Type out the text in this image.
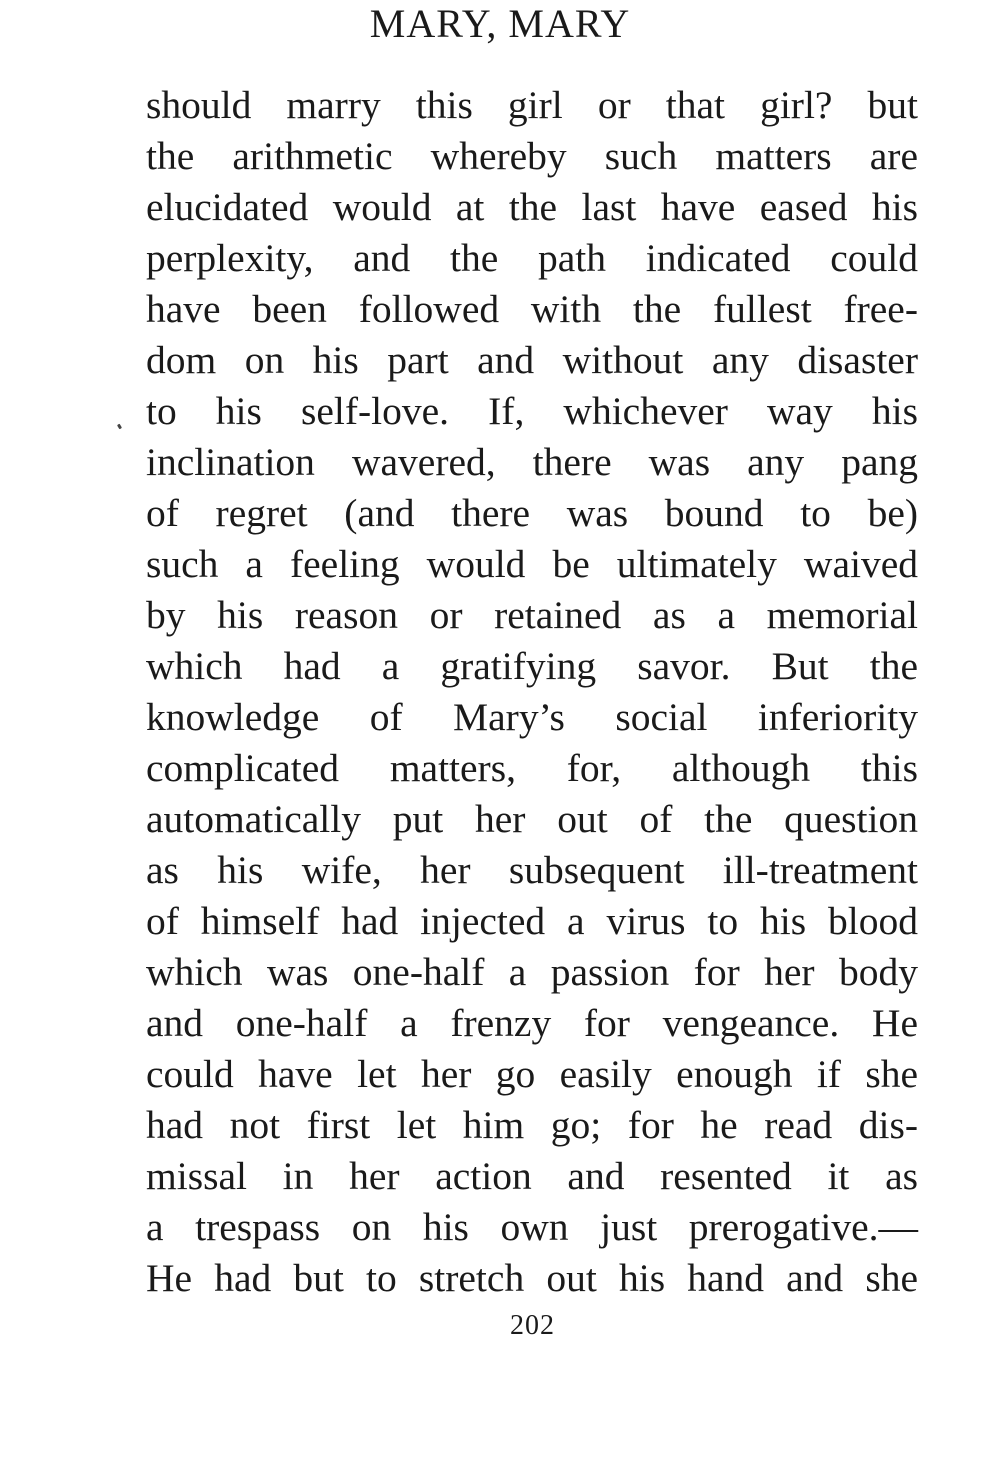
MARY, MARY
should marry this girl or that girl? but
the arithmetic whereby such matters are
elucidated would at the last have eased his
perplexity, and the path indicated could
have been followed with the fullest free-
dom on his part and without any disaster
to his self-love. If, whichever way his
inclination wavered, there was any pang
of regret (and there was bound to be)
such a feeling would be ultimately waived
by his reason or retained as a memorial
which had a gratifying savor. But the
knowledge of Mary’s social inferiority
complicated matters, for, although this
automatically put her out of the question
as his wife, her subsequent ill-treatment
of himself had injected a virus to his blood
which was one-half a passion for her body
and one-half a frenzy for vengeance. He
could have let her go easily enough if she
had not first let him go; for he read dis-
missal in her action and resented it as
a trespass on his own just prerogative.—
He had but to stretch out his hand and she
202
